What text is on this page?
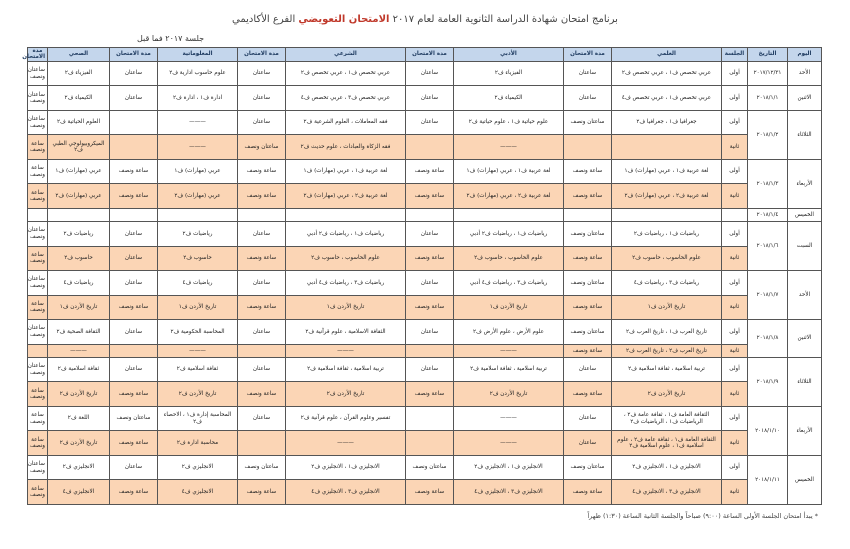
برنامج امتحان شهادة الدراسة الثانوية العامة لعام ٢٠١٧ الامتحان التعويضي الفرع الأكاديمي
جلسة ٢٠١٧ فما قبل
اليوم	التاريخ	الجلسة	العلمي	مدة الامتحان	الأدبي	مدة الامتحان	الشرعي	مدة الامتحان	المعلوماتية	مدة الامتحان	الصحي	مدة الامتحان
الأحد	٢٠١٧/١٢/٣١	أولى	عربي تخصص ف١ ، عربي تخصص ف٢	ساعتان	الفيزياء ف٢	ساعتان	عربي تخصص ف١ ، عربي تخصص ف٢	ساعتان	علوم حاسوب ادارية ف٢	ساعتان	الفيزياء ف٢	ساعتان ونصف
الاثنين	٢٠١٨/١/١	أولى	عربي تخصص ف١ ، عربي تخصص ف٤	ساعتان	الكيمياء ف٢	ساعتان	عربي تخصص ف٣ ، عربي تخصص ف٤	ساعتان	ادارة ف١ ، ادارة ف٢	ساعتان	الكيمياء ف٢	ساعتان ونصف
الثلاثاء	٢٠١٨/١/٢	أولى	جغرافيا ف١ ، جغرافيا ف٢	ساعتان ونصف	علوم حياتية ف١ ، علوم حياتية ف٢	ساعتان	فقه المعاملات ، العلوم الشرعية ف٢	ساعتان	———		العلوم الحياتية ف٢	ساعتان ونصف
		ثانية			———		فقه الزكاة والعبادات ، علوم حديث ف٢	ساعتان ونصف	———		الميكروبيولوجي الطبي ف٢	ساعة ونصف
الأربعاء	٢٠١٨/١/٣	أولى	لغة عربية ف١ ، عربي (مهارات) ف١	ساعة ونصف	لغة عربية ف١ ، عربي (مهارات) ف١	ساعة ونصف	لغة عربية ف١ ، عربي (مهارات) ف١	ساعة ونصف	عربي (مهارات) ف١	ساعة ونصف	عربي (مهارات) ف١	ساعة ونصف
		ثانية	لغة عربية ف٢ ، عربي (مهارات) ف٢	ساعة ونصف	لغة عربية ف٢ ، عربي (مهارات) ف٢	ساعة ونصف	لغة عربية ف٢ ، عربي (مهارات) ف٢	ساعة ونصف	عربي (مهارات) ف٢	ساعة ونصف	عربي (مهارات) ف٢	ساعة ونصف
الخميس	٢٠١٨/١/٤											
السبت	٢٠١٨/١/٦	أولى	رياضيات ف١ ، رياضيات ف٢	ساعتان ونصف	رياضيات ف١ ، رياضيات ف٢ أدبي	ساعتان	رياضيات ف١ ، رياضيات ف٢ أدبي	ساعتان	رياضيات ف٢	ساعتان	رياضيات ف٢	ساعتان ونصف
		ثانية	علوم الحاسوب ، حاسوب ف٢	ساعة ونصف	علوم الحاسوب ، حاسوب ف٢	ساعة ونصف	علوم الحاسوب ، حاسوب ف٢	ساعة ونصف	حاسوب ف٢	ساعتان	حاسوب ف٢	ساعة ونصف
الأحد	٢٠١٨/١/٧	أولى	رياضيات ف٣ ، رياضيات ف٤	ساعتان ونصف	رياضيات ف٣ ، رياضيات ف٤ أدبي	ساعتان	رياضيات ف٣ ، رياضيات ف٤ أدبي	ساعتان	رياضيات ف٤	ساعتان	رياضيات ف٤	ساعتان ونصف
		ثانية	تاريخ الأردن ف١	ساعة ونصف	تاريخ الأردن ف١	ساعة ونصف	تاريخ الأردن ف١	ساعة ونصف	تاريخ الأردن ف١	ساعة ونصف	تاريخ الأردن ف١	ساعة ونصف
الاثنين	٢٠١٨/١/٨	أولى	تاريخ العرب ف١ ، تاريخ العرب ف٢	ساعتان ونصف	علوم الأرض ، علوم الأرض ف٢	ساعتان	الثقافة الاسلامية ، علوم قرآنية ف٢	ساعتان	المحاسبة الحكومية ف٢	ساعتان	الثقافة الصحية ف٢	ساعتان ونصف
		ثانية	تاريخ العرب ف٢ ، تاريخ العرب ف٢	ساعة ونصف	———		———		———		———	
الثلاثاء	٢٠١٨/١/٩	أولى	تربية اسلامية ، ثقافة اسلامية ف٢	ساعتان	تربية اسلامية ، ثقافة اسلامية ف٢	ساعتان	تربية اسلامية ، ثقافة اسلامية ف٢	ساعتان	ثقافة اسلامية ف٢	ساعتان	ثقافة اسلامية ف٢	ساعتان ونصف
		ثانية	تاريخ الأردن ف٢	ساعة ونصف	تاريخ الأردن ف٢	ساعة ونصف	تاريخ الأردن ف٢	ساعة ونصف	تاريخ الأردن ف٢	ساعة ونصف	تاريخ الأردن ف٢	ساعة ونصف
الأربعاء	٢٠١٨/١/١٠	أولى	الثقافة العامة ف١ ، ثقافة عامة ف٢ ، الرياضيات ف١ ، الرياضيات ف٢	ساعتان	———		تفسير وعلوم القرآن ، علوم قرآنية ف٢	ساعتان	المحاسبة إدارة ف١ ، الاحصاء ف٢	ساعتان ونصف	اللغة ف٢	ساعة ونصف
		ثانية	الثقافة العامة ف١ ، ثقافة عامة ف٢ ، علوم اسلامية ف١ ، علوم اسلامية ف٢	ساعتان	———		———		محاسبة ادارة ف٢	ساعة ونصف	تاريخ الأردن ف٢	ساعة ونصف
الخميس	٢٠١٨/١/١١	أولى	الانجليزي ف١ ، الانجليزي ف٢	ساعتان ونصف	الانجليزي ف١ ، الانجليزي ف٢	ساعتان ونصف	الانجليزي ف١ ، الانجليزي ف٢	ساعتان ونصف	الانجليزي ف٢	ساعتان	الانجليزي ف٢	ساعتان ونصف
		ثانية	الانجليزي ف٣ ، الانجليزي ف٤	ساعة ونصف	الانجليزي ف٣ ، الانجليزي ف٤	ساعة ونصف	الانجليزي ف٣ ، الانجليزي ف٤	ساعة ونصف	الانجليزي ف٤	ساعة ونصف	الانجليزي ف٤	ساعة ونصف
* يبدأ امتحان الجلسة الأولى الساعة (٩:٠٠) صباحاً والجلسة الثانية الساعة (١:٣٠) ظهراً
